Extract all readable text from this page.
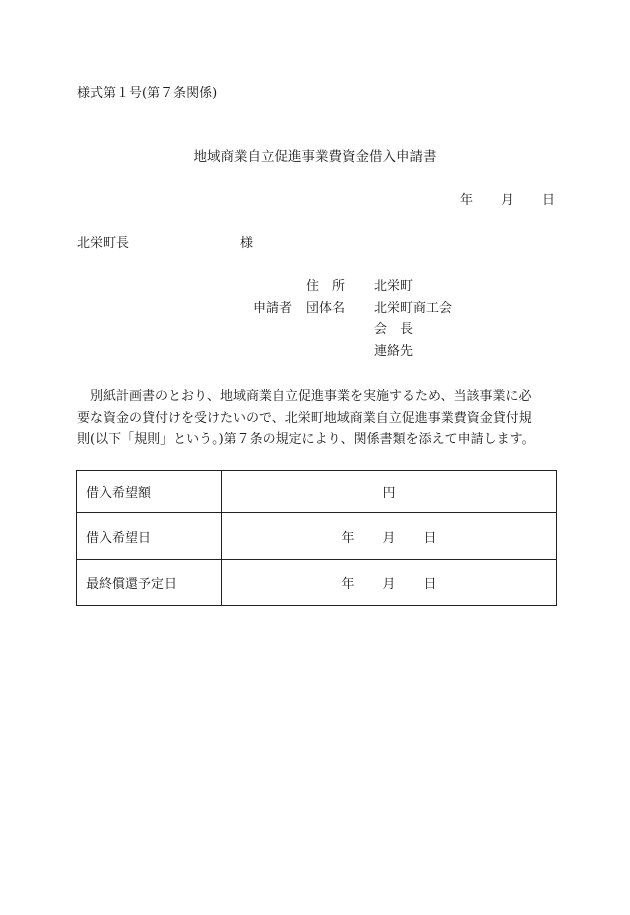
様式第１号(第７条関係)
地域商業自立促進事業費資金借入申請書
年 月 日
北栄町長	様
申請者
住　所 北栄町
団体名 北栄町商工会
会　長
連絡先
　別紙計画書のとおり、地域商業自立促進事業を実施するため、当該事業に必
要な資金の貸付けを受けたいので、北栄町地域商業自立促進事業費資金貸付規
則(以下「規則」という。)第７条の規定により、関係書類を添えて申請します。
借入希望額	円
借入希望日	年 月 日
最終償還予定日	年 月 日
